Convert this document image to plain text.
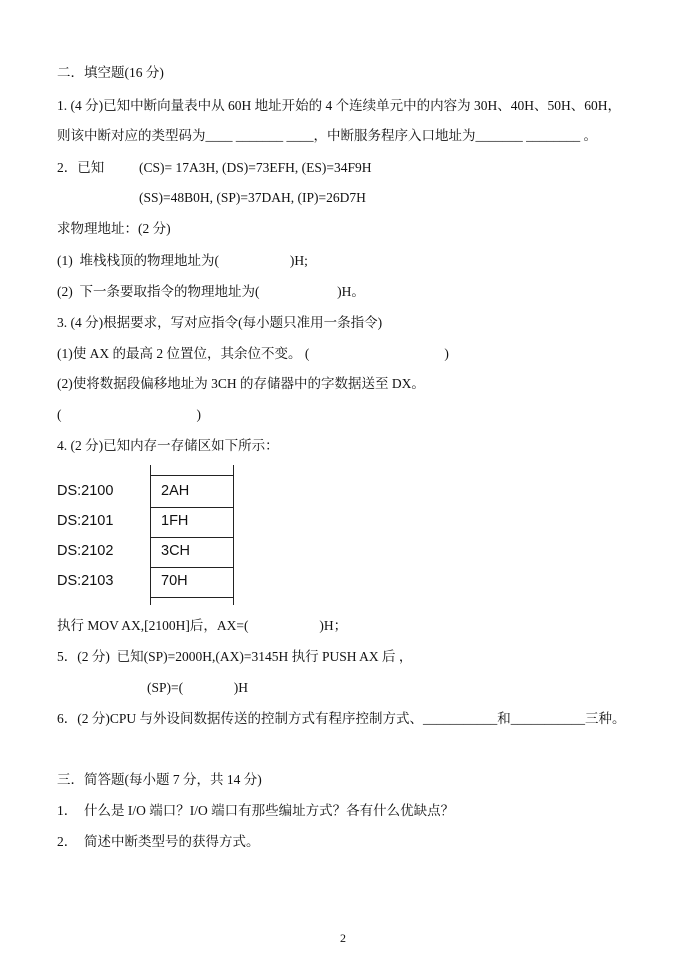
二．填空题(16 分)
1. (4 分)已知中断向量表中从 60H 地址开始的 4 个连续单元中的内容为 30H、40H、50H、60H，
则该中断对应的类型码为____ _______ ____，中断服务程序入口地址为_______ ________ 。
2．已知	(CS)= 17A3H, (DS)=73EFH, (ES)=34F9H
(SS)=48B0H, (SP)=37DAH, (IP)=26D7H
求物理地址：(2 分)
(1)  堆栈栈顶的物理地址为(                     )H;
(2)  下一条要取指令的物理地址为(                       )H。
3. (4 分)根据要求，写对应指令(每小题只准用一条指令)
(1)使 AX 的最高 2 位置位，其余位不变。 (                                        )
(2)使将数据段偏移地址为 3CH 的存储器中的字数据送至 DX。
(                                        )
4. (2 分)已知内存一存储区如下所示：
DS:2100	2AH
DS:2101	1FH
DS:2102	3CH
DS:2103	70H
执行 MOV AX,[2100H]后，AX=(                     )H；
5．(2 分)  已知(SP)=2000H,(AX)=3145H 执行 PUSH AX 后 ，
(SP)=(               )H
6．(2 分)CPU 与外设间数据传送的控制方式有程序控制方式、___________和___________三种。
三．简答题(每小题 7 分，共 14 分)
1．  什么是 I/O 端口？I/O 端口有那些编址方式？各有什么优缺点？
2．  简述中断类型号的获得方式。
2
